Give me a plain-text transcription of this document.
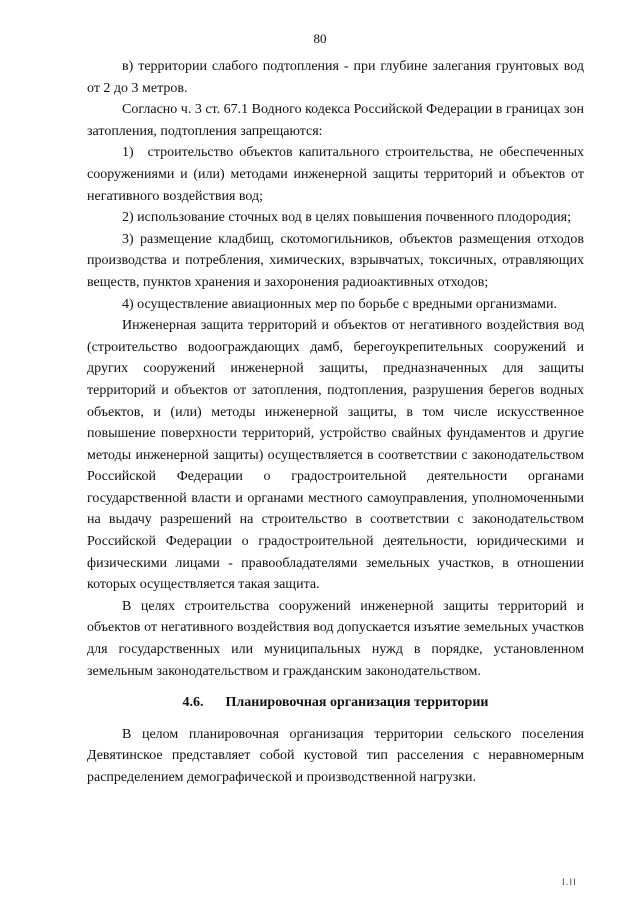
80

в) территории слабого подтопления - при глубине залегания грунтовых вод от 2 до 3 метров.

Согласно ч. 3 ст. 67.1 Водного кодекса Российской Федерации в границах зон затопления, подтопления запрещаются:

1) строительство объектов капитального строительства, не обеспеченных сооружениями и (или) методами инженерной защиты территорий и объектов от негативного воздействия вод;

2) использование сточных вод в целях повышения почвенного плодородия;

3) размещение кладбищ, скотомогильников, объектов размещения отходов производства и потребления, химических, взрывчатых, токсичных, отравляющих веществ, пунктов хранения и захоронения радиоактивных отходов;

4) осуществление авиационных мер по борьбе с вредными организмами.

Инженерная защита территорий и объектов от негативного воздействия вод (строительство водоограждающих дамб, берегоукрепительных сооружений и других сооружений инженерной защиты, предназначенных для защиты территорий и объектов от затопления, подтопления, разрушения берегов водных объектов, и (или) методы инженерной защиты, в том числе искусственное повышение поверхности территорий, устройство свайных фундаментов и другие методы инженерной защиты) осуществляется в соответствии с законодательством Российской Федерации о градостроительной деятельности органами государственной власти и органами местного самоуправления, уполномоченными на выдачу разрешений на строительство в соответствии с законодательством Российской Федерации о градостроительной деятельности, юридическими и физическими лицами - правообладателями земельных участков, в отношении которых осуществляется такая защита.

В целях строительства сооружений инженерной защиты территорий и объектов от негативного воздействия вод допускается изъятие земельных участков для государственных или муниципальных нужд в порядке, установленном земельным законодательством и гражданским законодательством.

4.6. Планировочная организация территории

В целом планировочная организация территории сельского поселения Девятинское представляет собой кустовой тип расселения с неравномерным распределением демографической и производственной нагрузки.

I.II
